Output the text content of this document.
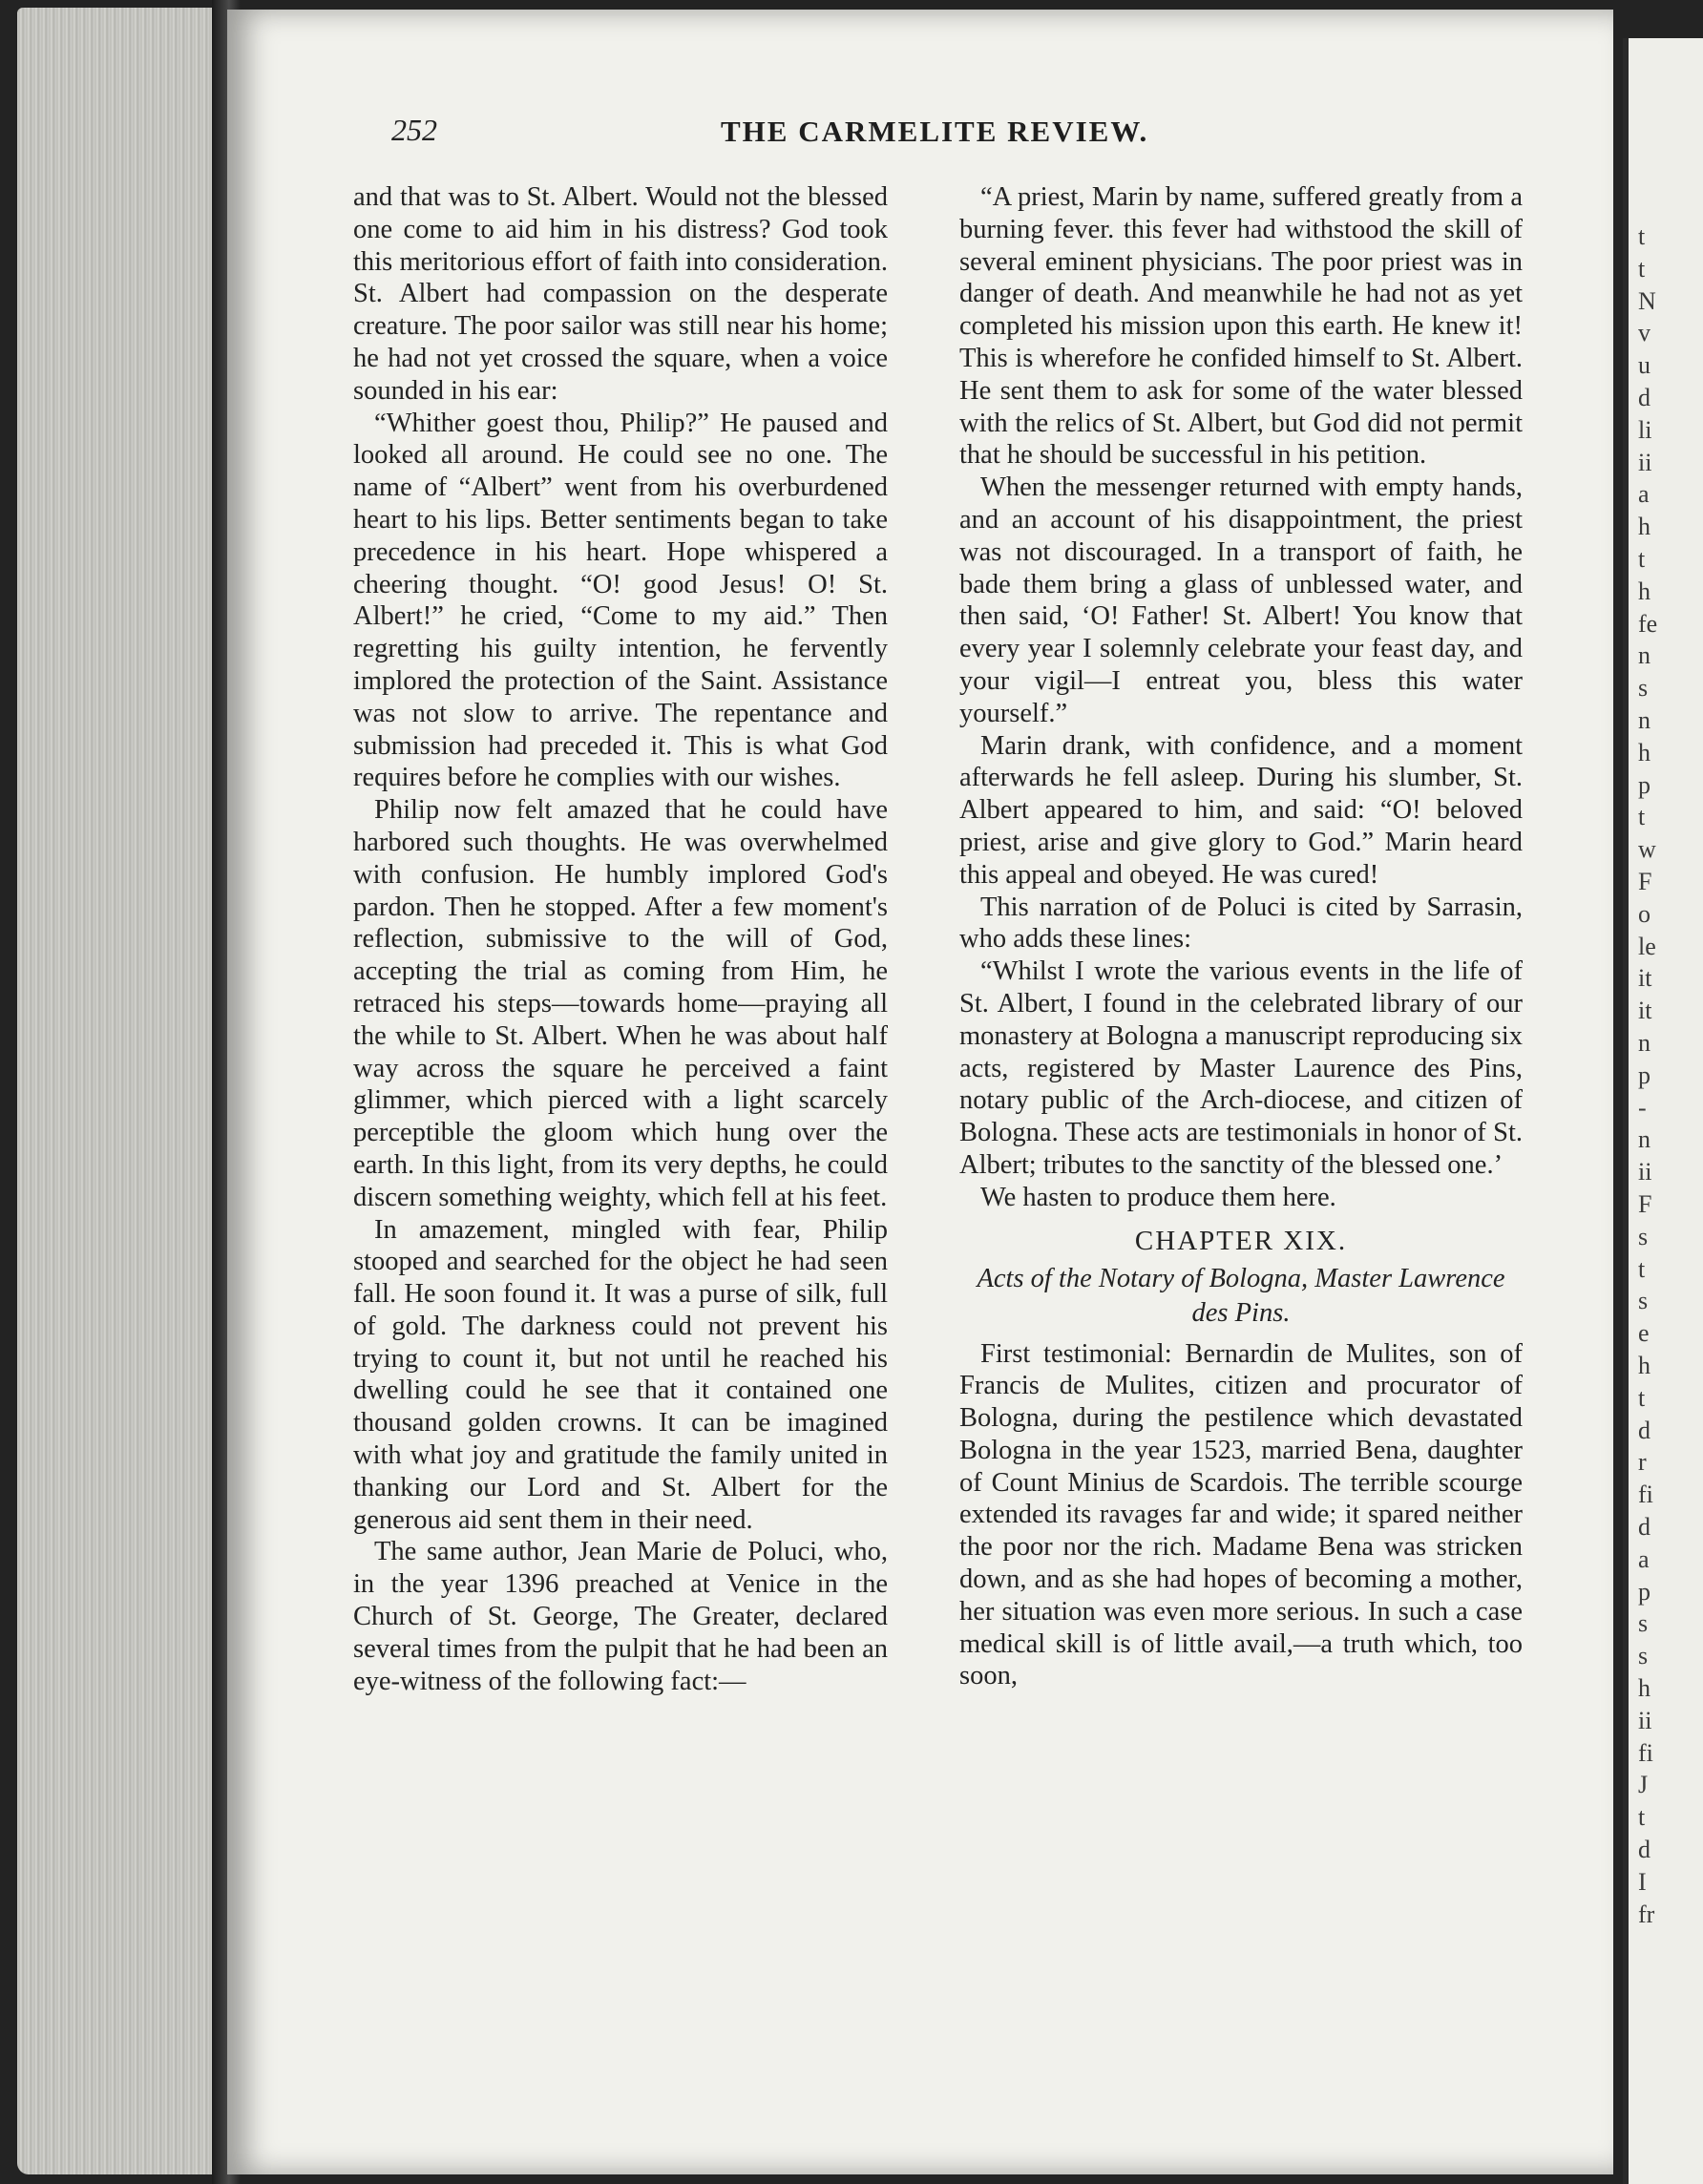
252	THE CARMELITE REVIEW.

and that was to St. Albert. Would not the blessed one come to aid him in his distress? God took this meritorious effort of faith into consideration. St. Albert had compassion on the desperate creature. The poor sailor was still near his home; he had not yet crossed the square, when a voice sounded in his ear:

“Whither goest thou, Philip?” He paused and looked all around. He could see no one. The name of “Albert” went from his overburdened heart to his lips. Better sentiments began to take precedence in his heart. Hope whispered a cheering thought. “O! good Jesus! O! St. Albert!” he cried, “Come to my aid.” Then regretting his guilty intention, he fervently implored the protection of the Saint. Assistance was not slow to arrive. The repentance and submission had preceded it. This is what God requires before he complies with our wishes.

Philip now felt amazed that he could have harbored such thoughts. He was overwhelmed with confusion. He humbly implored God's pardon. Then he stopped. After a few moment's reflection, submissive to the will of God, accepting the trial as coming from Him, he retraced his steps—towards home—praying all the while to St. Albert. When he was about half way across the square he perceived a faint glimmer, which pierced with a light scarcely perceptible the gloom which hung over the earth. In this light, from its very depths, he could discern something weighty, which fell at his feet.

In amazement, mingled with fear, Philip stooped and searched for the object he had seen fall. He soon found it. It was a purse of silk, full of gold. The darkness could not prevent his trying to count it, but not until he reached his dwelling could he see that it contained one thousand golden crowns. It can be imagined with what joy and gratitude the family united in thanking our Lord and St. Albert for the generous aid sent them in their need.

The same author, Jean Marie de Poluci, who, in the year 1396 preached at Venice in the Church of St. George, The Greater, declared several times from the pulpit that he had been an eye-witness of the following fact:—

“A priest, Marin by name, suffered greatly from a burning fever. this fever had withstood the skill of several eminent physicians. The poor priest was in danger of death. And meanwhile he had not as yet completed his mission upon this earth. He knew it! This is wherefore he confided himself to St. Albert. He sent them to ask for some of the water blessed with the relics of St. Albert, but God did not permit that he should be successful in his petition.

When the messenger returned with empty hands, and an account of his disappointment, the priest was not discouraged. In a transport of faith, he bade them bring a glass of unblessed water, and then said, ‘O! Father! St. Albert! You know that every year I solemnly celebrate your feast day, and your vigil—I entreat you, bless this water yourself.”

Marin drank, with confidence, and a moment afterwards he fell asleep. During his slumber, St. Albert appeared to him, and said: “O! beloved priest, arise and give glory to God.” Marin heard this appeal and obeyed. He was cured!

This narration of de Poluci is cited by Sarrasin, who adds these lines:

“Whilst I wrote the various events in the life of St. Albert, I found in the celebrated library of our monastery at Bologna a manuscript reproducing six acts, registered by Master Laurence des Pins, notary public of the Arch-diocese, and citizen of Bologna. These acts are testimonials in honor of St. Albert; tributes to the sanctity of the blessed one.’

We hasten to produce them here.

CHAPTER XIX.
Acts of the Notary of Bologna, Master Lawrence des Pins.

First testimonial: Bernardin de Mulites, son of Francis de Mulites, citizen and procurator of Bologna, during the pestilence which devastated Bologna in the year 1523, married Bena, daughter of Count Minius de Scardois. The terrible scourge extended its ravages far and wide; it spared neither the poor nor the rich. Madame Bena was stricken down, and as she had hopes of becoming a mother, her situation was even more serious. In such a case medical skill is of little avail,—a truth which, too soon,

t
t
N
v
u
d
li
ii
a
h
t
h
fe
n
s
n
h
p
t
w
F
o
le
it
it
n
p
-
n
ii
F
s
t
s
e
h
t
d
r
fi
d
a
p
s
s
h
ii
fi
J
t
d
I
fr
